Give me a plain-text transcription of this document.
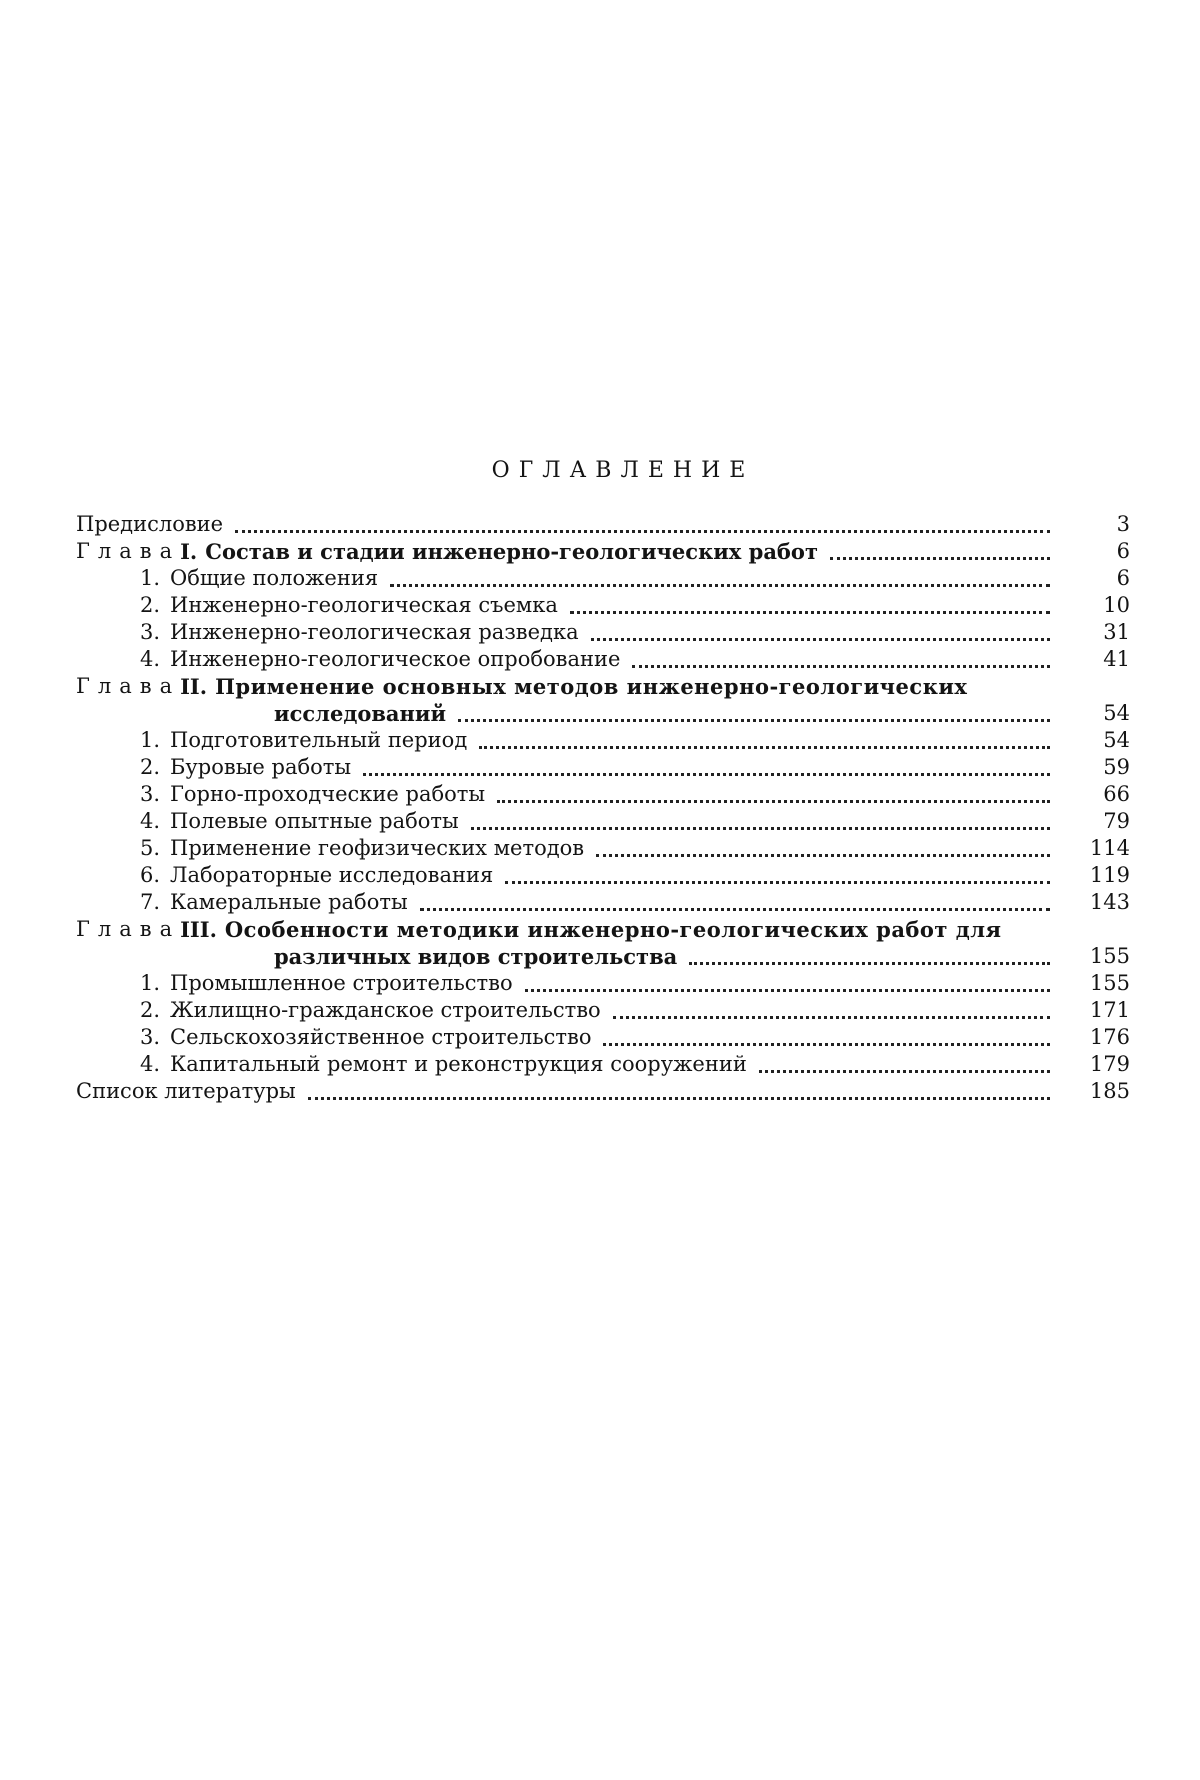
ОГЛАВЛЕНИЕ
Предисловие	3
Глава I. Состав и стадии инженерно-геологических работ	6
1. Общие положения	6
2. Инженерно-геологическая съемка	10
3. Инженерно-геологическая разведка	31
4. Инженерно-геологическое опробование	41
Глава II. Применение основных методов инженерно-геологических
исследований	54
1. Подготовительный период	54
2. Буровые работы	59
3. Горно-проходческие работы	66
4. Полевые опытные работы	79
5. Применение геофизических методов	114
6. Лабораторные исследования	119
7. Камеральные работы	143
Глава III. Особенности методики инженерно-геологических работ для
различных видов строительства	155
1. Промышленное строительство	155
2. Жилищно-гражданское строительство	171
3. Сельскохозяйственное строительство	176
4. Капитальный ремонт и реконструкция сооружений	179
Список литературы	185
